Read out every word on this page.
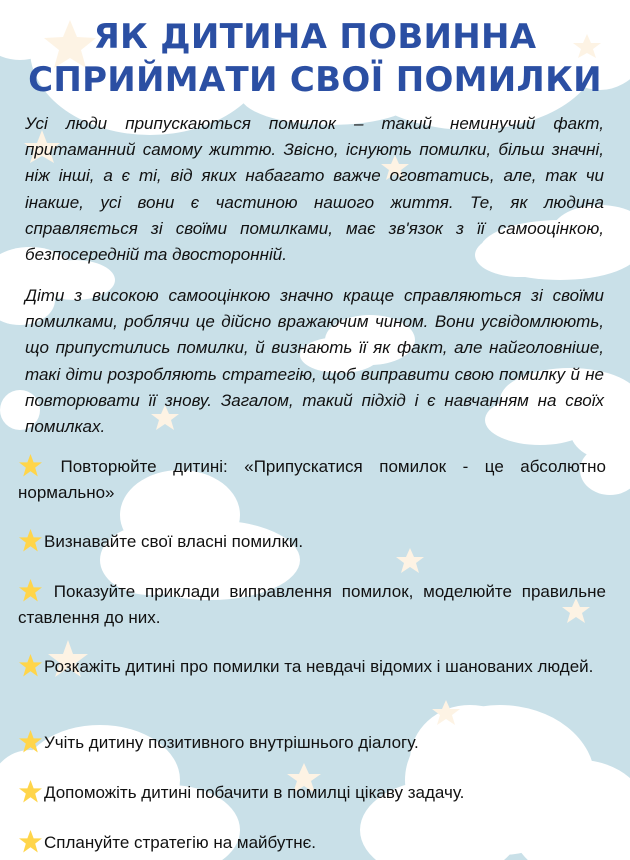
ЯК ДИТИНА ПОВИННА
СПРИЙМАТИ СВОЇ ПОМИЛКИ

Усі люди припускаються помилок – такий неминучий факт, притаманний самому життю. Звісно, існують помилки, більш значні, ніж інші, а є ті, від яких набагато важче оговтатись, але, так чи інакше, усі вони є частиною нашого життя. Те, як людина справляється зі своїми помилками, має зв'язок з її самооцінкою, безпосередній та двосторонній.

Діти з високою самооцінкою значно краще справляються зі своїми помилками, роблячи це дійсно вражаючим чином. Вони усвідомлюють, що припустились помилки, й визнають її як факт, але найголовніше, такі діти розробляють стратегію, щоб виправити свою помилку й не повторювати її знову. Загалом, такий підхід і є навчанням на своїх помилках.

Повторюйте дитині: «Припускатися помилок - це абсолютно нормально»
Визнавайте свої власні помилки.
Показуйте приклади виправлення помилок, моделюйте правильне ставлення до них.
Розкажіть дитині про помилки та невдачі відомих і шанованих людей.
Учіть дитину позитивного внутрішнього діалогу.
Допоможіть дитині побачити в помилці цікаву задачу.
Сплануйте стратегію на майбутнє.
